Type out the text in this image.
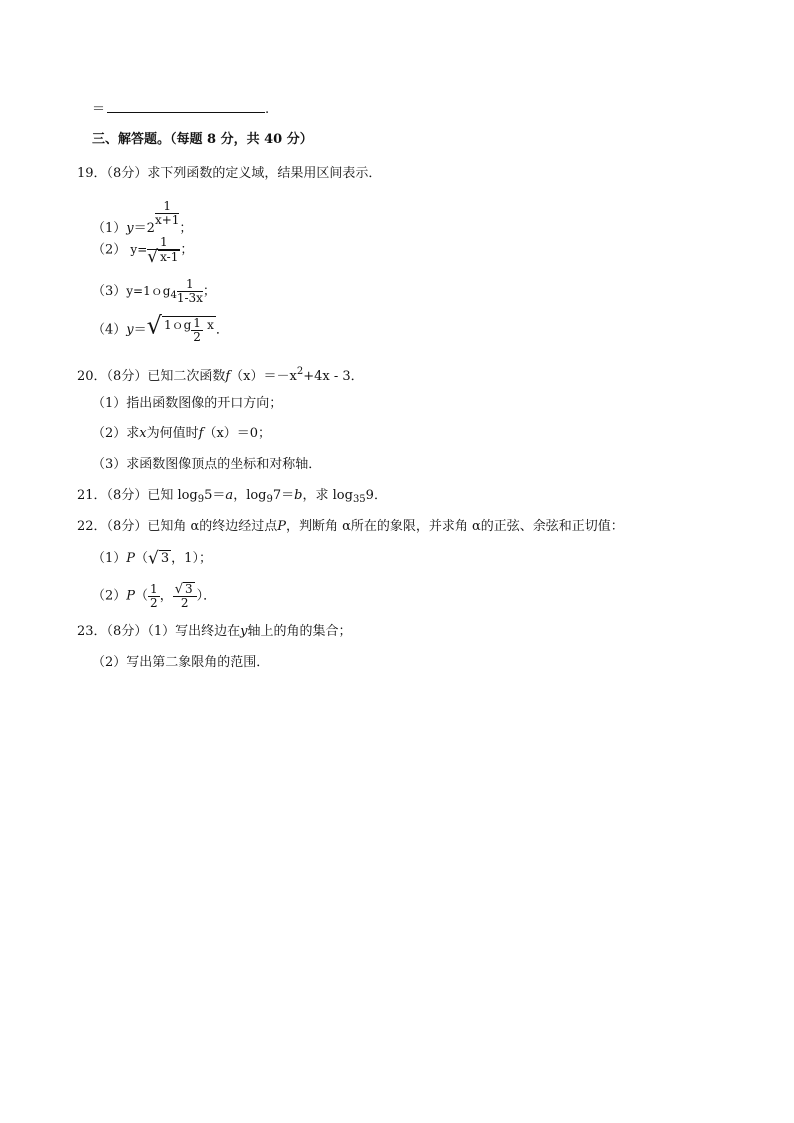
＝	.
三、解答题。（每题 8 分，共 40 分）
19．（8分）求下列函数的定义域，结果用区间表示．
（1）y＝2
$\frac{1}{x+1}$
；
（2） $y= \frac{1}{√ x-1}$ ；
（3）y=1ｏg$_4$ $\frac{1}{1-3x}$ ；
（4）y＝√ 1ｏg $\frac{1}{2}$ x ．
20．（8分）已知二次函数$f(x)=-x^2+4x - 3$．
（1）指出函数图像的开口方向；
（2）求x为何值时f（x）＝0；
（3）求函数图像顶点的坐标和对称轴．
21．（8分）已知 $\log_95=a$，$\log_97=b$，求 $\log_{35}9$．
22．（8分）已知角 α的终边经过点P，判断角 α所在的象限，并求角 α的正弦、余弦和正切值：
（1）P（√ 3 ，1）；
$(2)P( \frac{1}{2}$ ， $\frac{√ 3}{2}$ ）．
23．（8分）（1）写出终边在y轴上的角的集合；
（2）写出第二象限角的范围．
